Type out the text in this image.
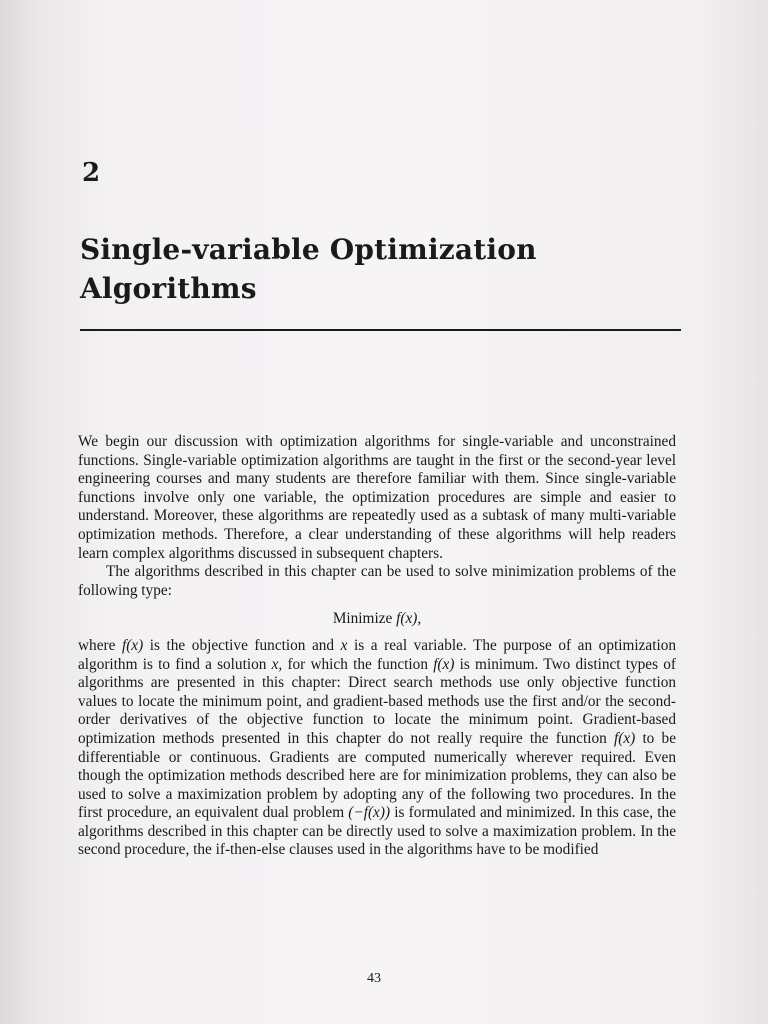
2
Single-variable Optimization
Algorithms

We begin our discussion with optimization algorithms for single-variable and unconstrained functions. Single-variable optimization algorithms are taught in the first or the second-year level engineering courses and many students are therefore familiar with them. Since single-variable functions involve only one variable, the optimization procedures are simple and easier to understand. Moreover, these algorithms are repeatedly used as a subtask of many multi-variable optimization methods. Therefore, a clear understanding of these algorithms will help readers learn complex algorithms discussed in subsequent chapters.

The algorithms described in this chapter can be used to solve minimization problems of the following type:

Minimize f(x),

where f(x) is the objective function and x is a real variable. The purpose of an optimization algorithm is to find a solution x, for which the function f(x) is minimum. Two distinct types of algorithms are presented in this chapter: Direct search methods use only objective function values to locate the minimum point, and gradient-based methods use the first and/or the second-order derivatives of the objective function to locate the minimum point. Gradient-based optimization methods presented in this chapter do not really require the function f(x) to be differentiable or continuous. Gradients are computed numerically wherever required. Even though the optimization methods described here are for minimization problems, they can also be used to solve a maximization problem by adopting any of the following two procedures. In the first procedure, an equivalent dual problem (−f(x)) is formulated and minimized. In this case, the algorithms described in this chapter can be directly used to solve a maximization problem. In the second procedure, the if-then-else clauses used in the algorithms have to be modified

43
